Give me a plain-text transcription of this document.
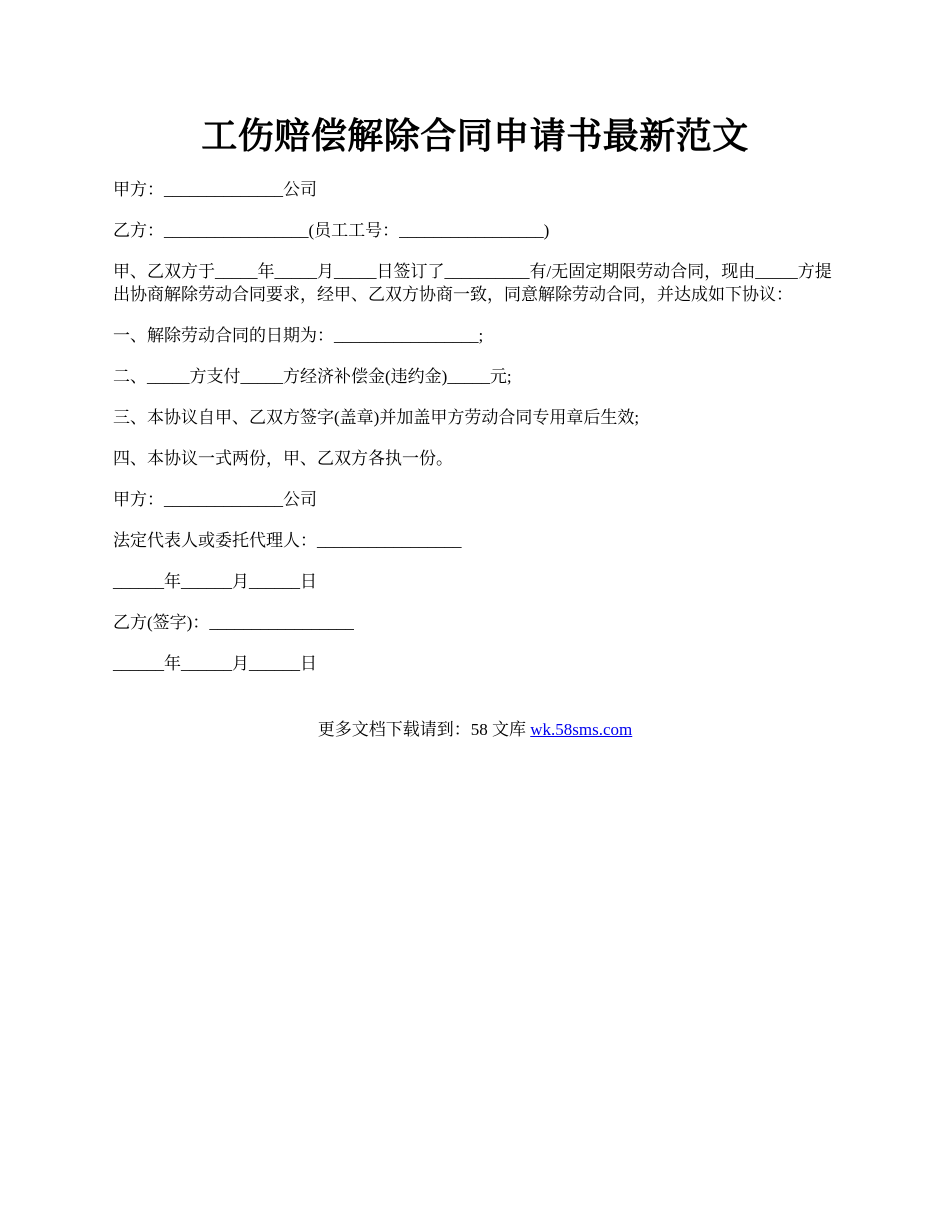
工伤赔偿解除合同申请书最新范文

甲方：______________公司

乙方：_________________(员工工号：_________________)

甲、乙双方于_____年_____月_____日签订了__________有/无固定期限劳动合同，现由_____方提出协商解除劳动合同要求，经甲、乙双方协商一致，同意解除劳动合同，并达成如下协议：

一、解除劳动合同的日期为：_________________;

二、_____方支付_____方经济补偿金(违约金)_____元;

三、本协议自甲、乙双方签字(盖章)并加盖甲方劳动合同专用章后生效;

四、本协议一式两份，甲、乙双方各执一份。

甲方：______________公司

法定代表人或委托代理人：_________________

______年______月______日

乙方(签字)：_________________

______年______月______日

更多文档下载请到：58 文库 wk.58sms.com
